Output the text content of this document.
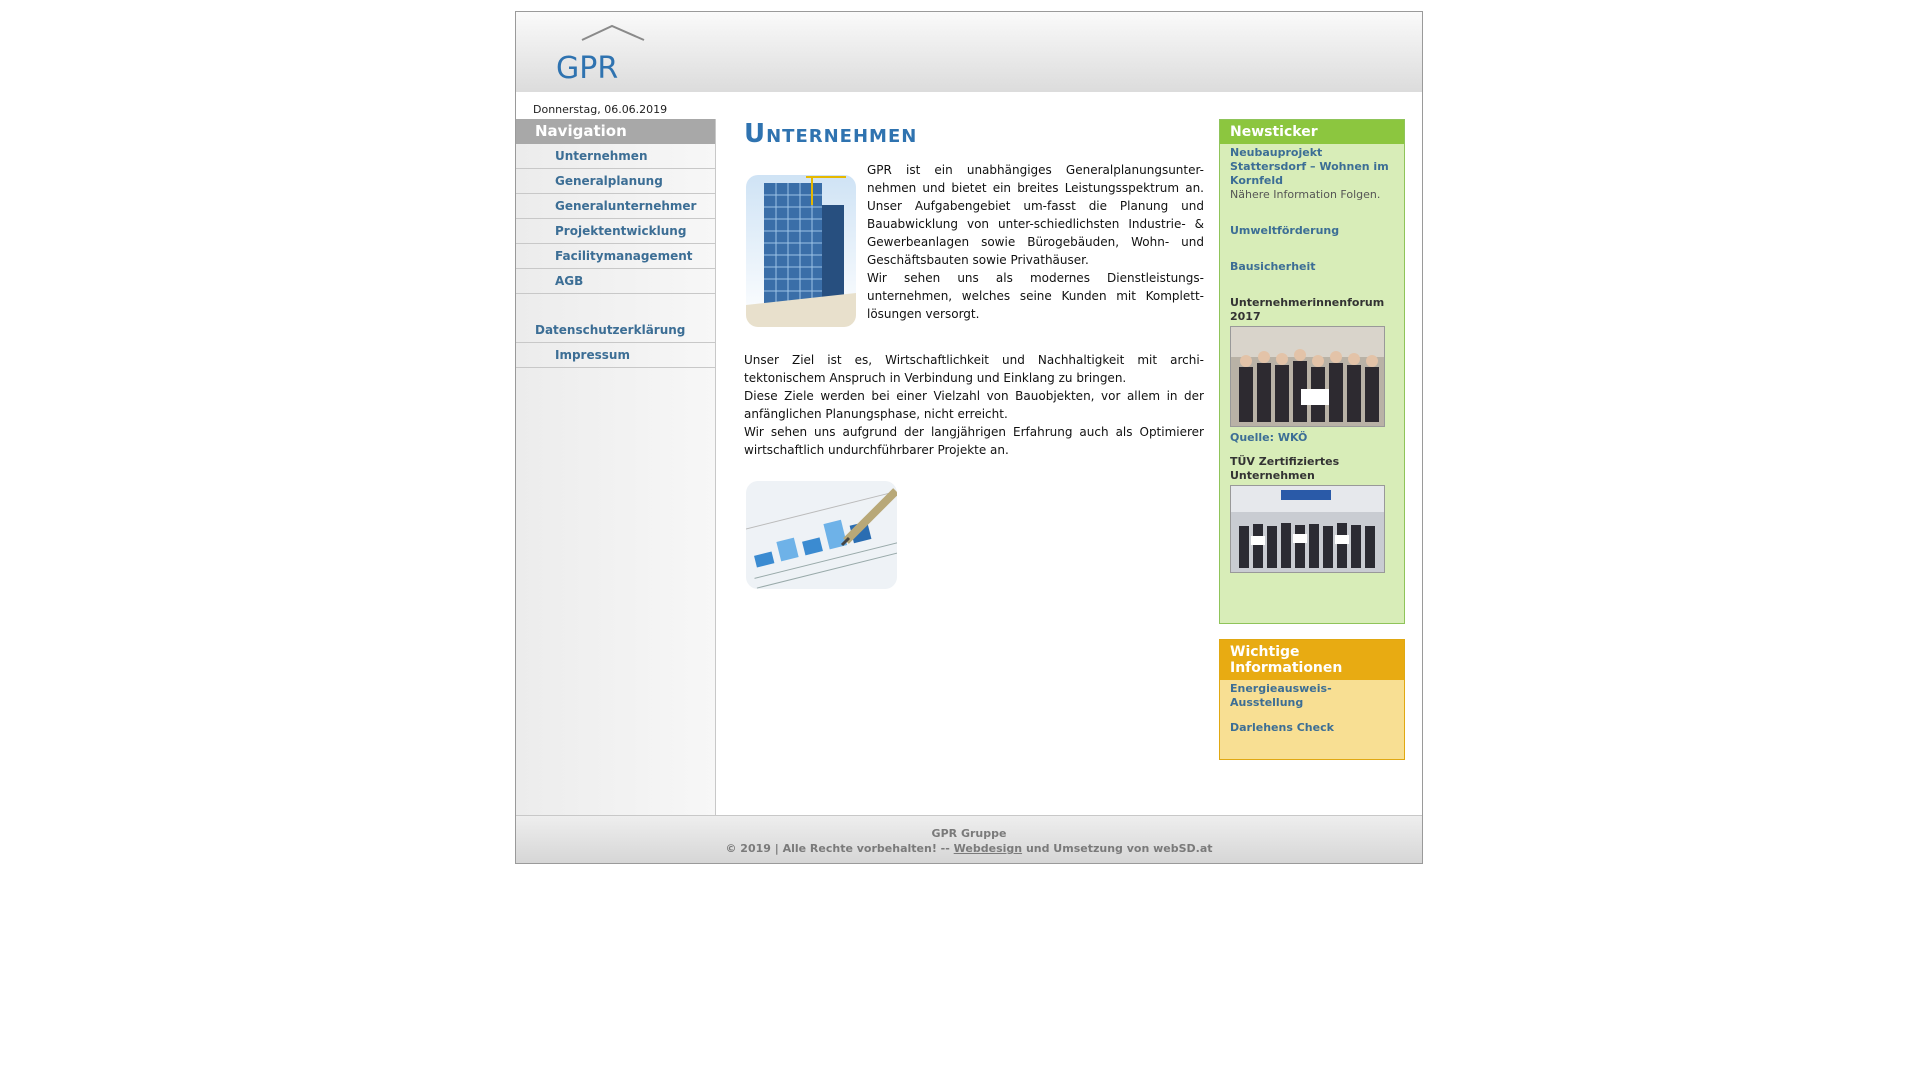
GPR
Donnerstag, 06.06.2019
Navigation
Unternehmen
Generalplanung
Generalunternehmer
Projektentwicklung
Facilitymanagement
AGB
Datenschutzerklärung
Impressum
Unternehmen

GPR ist ein unabhängiges Generalplanungsunter-nehmen und bietet ein breites Leistungsspektrum an. Unser Aufgabengebiet um-fasst die Planung und Bauabwicklung von unter-schiedlichsten Industrie- & Gewerbeanlagen sowie Bürogebäuden, Wohn- und Geschäftsbauten sowie Privathäuser.

Wir sehen uns als modernes Dienstleistungs-unternehmen, welches seine Kunden mit Komplett-lösungen versorgt.

Unser Ziel ist es, Wirtschaftlichkeit und Nachhaltigkeit mit archi-tektonischem Anspruch in Verbindung und Einklang zu bringen.

Diese Ziele werden bei einer Vielzahl von Bauobjekten, vor allem in der anfänglichen Planungsphase, nicht erreicht.

Wir sehen uns aufgrund der langjährigen Erfahrung auch als Optimierer wirtschaftlich undurchführbarer Projekte an.

Newsticker
Neubauprojekt Stattersdorf – Wohnen im Kornfeld
Nähere Information Folgen.
Umweltförderung
Bausicherheit
Unternehmerinnenforum 2017
Quelle: WKÖ
TÜV Zertifiziertes Unternehmen
Wichtige Informationen
Energieausweis-Ausstellung
Darlehens Check
GPR Gruppe
© 2019 | Alle Rechte vorbehalten! -- Webdesign und Umsetzung von webSD.at
